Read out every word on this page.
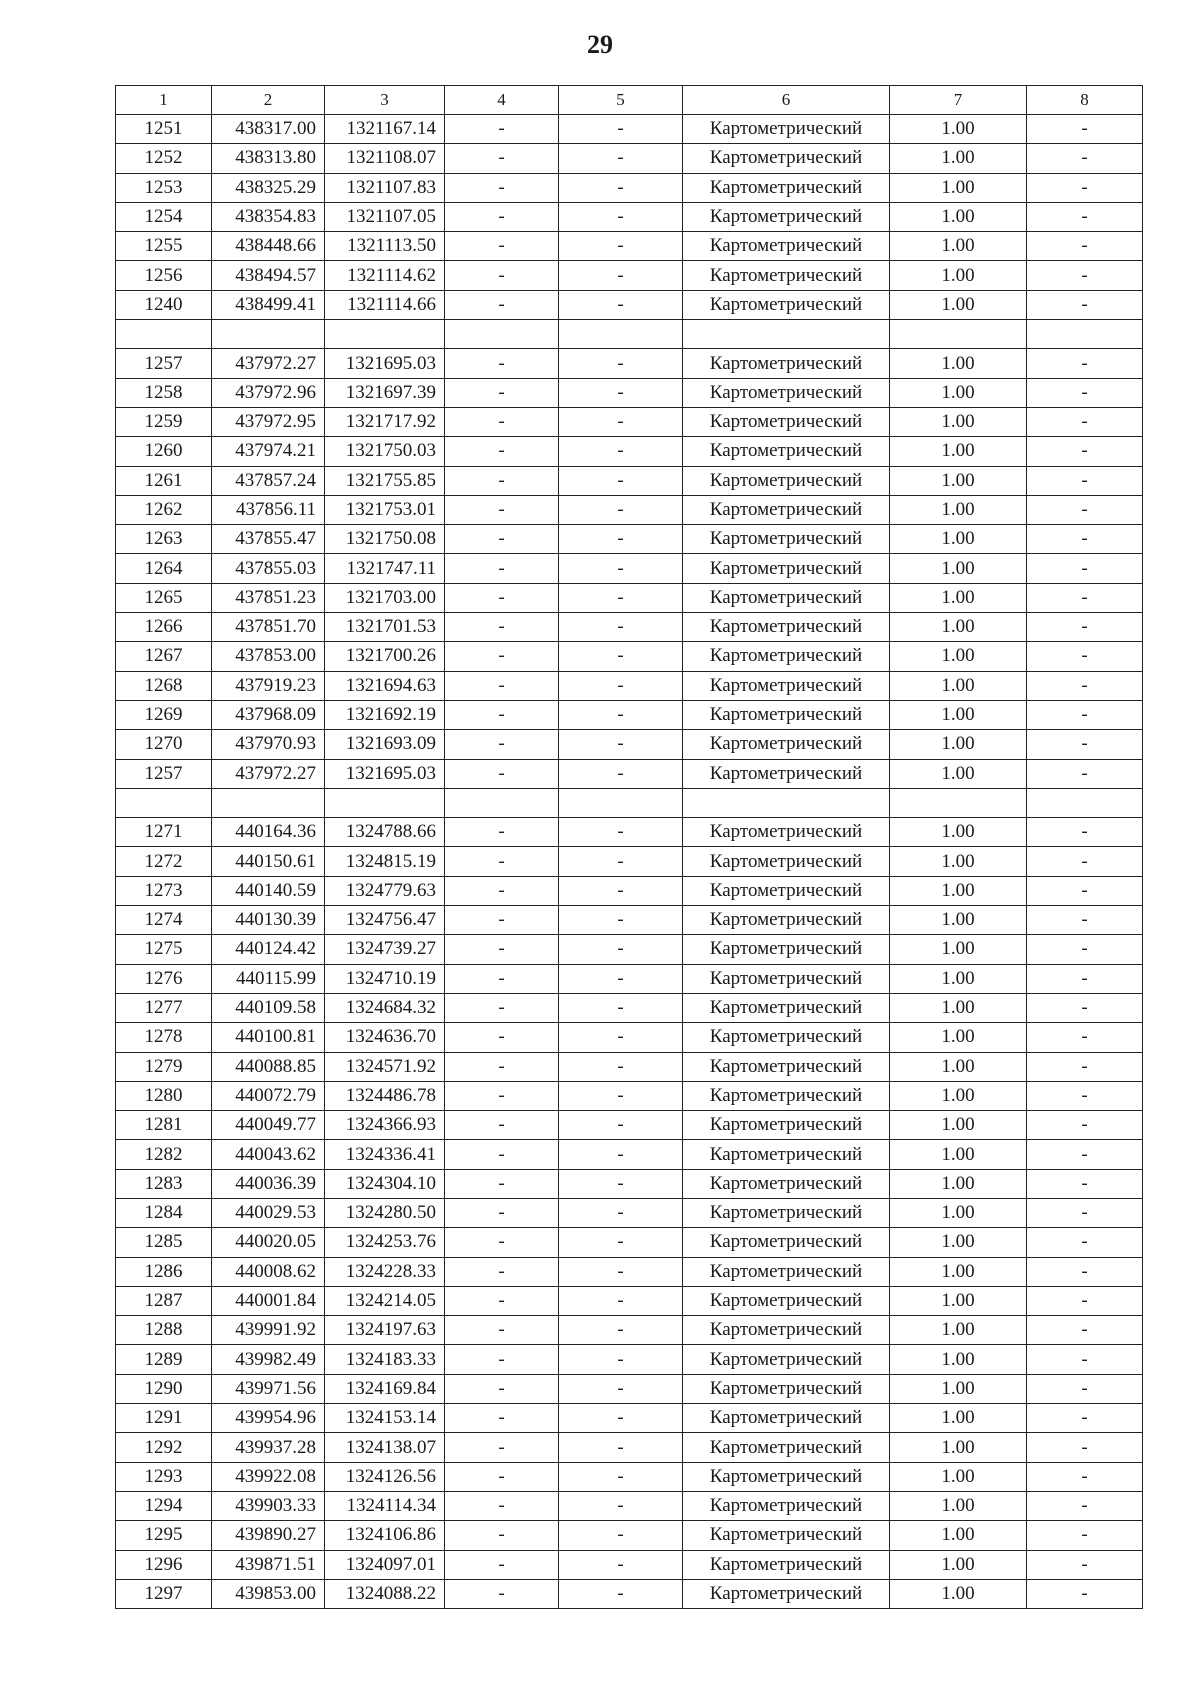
29
1	2	3	4	5	6	7	8
1251	438317.00	1321167.14	-	-	Картометрический	1.00	-
1252	438313.80	1321108.07	-	-	Картометрический	1.00	-
1253	438325.29	1321107.83	-	-	Картометрический	1.00	-
1254	438354.83	1321107.05	-	-	Картометрический	1.00	-
1255	438448.66	1321113.50	-	-	Картометрический	1.00	-
1256	438494.57	1321114.62	-	-	Картометрический	1.00	-
1240	438499.41	1321114.66	-	-	Картометрический	1.00	-

1257	437972.27	1321695.03	-	-	Картометрический	1.00	-
1258	437972.96	1321697.39	-	-	Картометрический	1.00	-
1259	437972.95	1321717.92	-	-	Картометрический	1.00	-
1260	437974.21	1321750.03	-	-	Картометрический	1.00	-
1261	437857.24	1321755.85	-	-	Картометрический	1.00	-
1262	437856.11	1321753.01	-	-	Картометрический	1.00	-
1263	437855.47	1321750.08	-	-	Картометрический	1.00	-
1264	437855.03	1321747.11	-	-	Картометрический	1.00	-
1265	437851.23	1321703.00	-	-	Картометрический	1.00	-
1266	437851.70	1321701.53	-	-	Картометрический	1.00	-
1267	437853.00	1321700.26	-	-	Картометрический	1.00	-
1268	437919.23	1321694.63	-	-	Картометрический	1.00	-
1269	437968.09	1321692.19	-	-	Картометрический	1.00	-
1270	437970.93	1321693.09	-	-	Картометрический	1.00	-
1257	437972.27	1321695.03	-	-	Картометрический	1.00	-

1271	440164.36	1324788.66	-	-	Картометрический	1.00	-
1272	440150.61	1324815.19	-	-	Картометрический	1.00	-
1273	440140.59	1324779.63	-	-	Картометрический	1.00	-
1274	440130.39	1324756.47	-	-	Картометрический	1.00	-
1275	440124.42	1324739.27	-	-	Картометрический	1.00	-
1276	440115.99	1324710.19	-	-	Картометрический	1.00	-
1277	440109.58	1324684.32	-	-	Картометрический	1.00	-
1278	440100.81	1324636.70	-	-	Картометрический	1.00	-
1279	440088.85	1324571.92	-	-	Картометрический	1.00	-
1280	440072.79	1324486.78	-	-	Картометрический	1.00	-
1281	440049.77	1324366.93	-	-	Картометрический	1.00	-
1282	440043.62	1324336.41	-	-	Картометрический	1.00	-
1283	440036.39	1324304.10	-	-	Картометрический	1.00	-
1284	440029.53	1324280.50	-	-	Картометрический	1.00	-
1285	440020.05	1324253.76	-	-	Картометрический	1.00	-
1286	440008.62	1324228.33	-	-	Картометрический	1.00	-
1287	440001.84	1324214.05	-	-	Картометрический	1.00	-
1288	439991.92	1324197.63	-	-	Картометрический	1.00	-
1289	439982.49	1324183.33	-	-	Картометрический	1.00	-
1290	439971.56	1324169.84	-	-	Картометрический	1.00	-
1291	439954.96	1324153.14	-	-	Картометрический	1.00	-
1292	439937.28	1324138.07	-	-	Картометрический	1.00	-
1293	439922.08	1324126.56	-	-	Картометрический	1.00	-
1294	439903.33	1324114.34	-	-	Картометрический	1.00	-
1295	439890.27	1324106.86	-	-	Картометрический	1.00	-
1296	439871.51	1324097.01	-	-	Картометрический	1.00	-
1297	439853.00	1324088.22	-	-	Картометрический	1.00	-
